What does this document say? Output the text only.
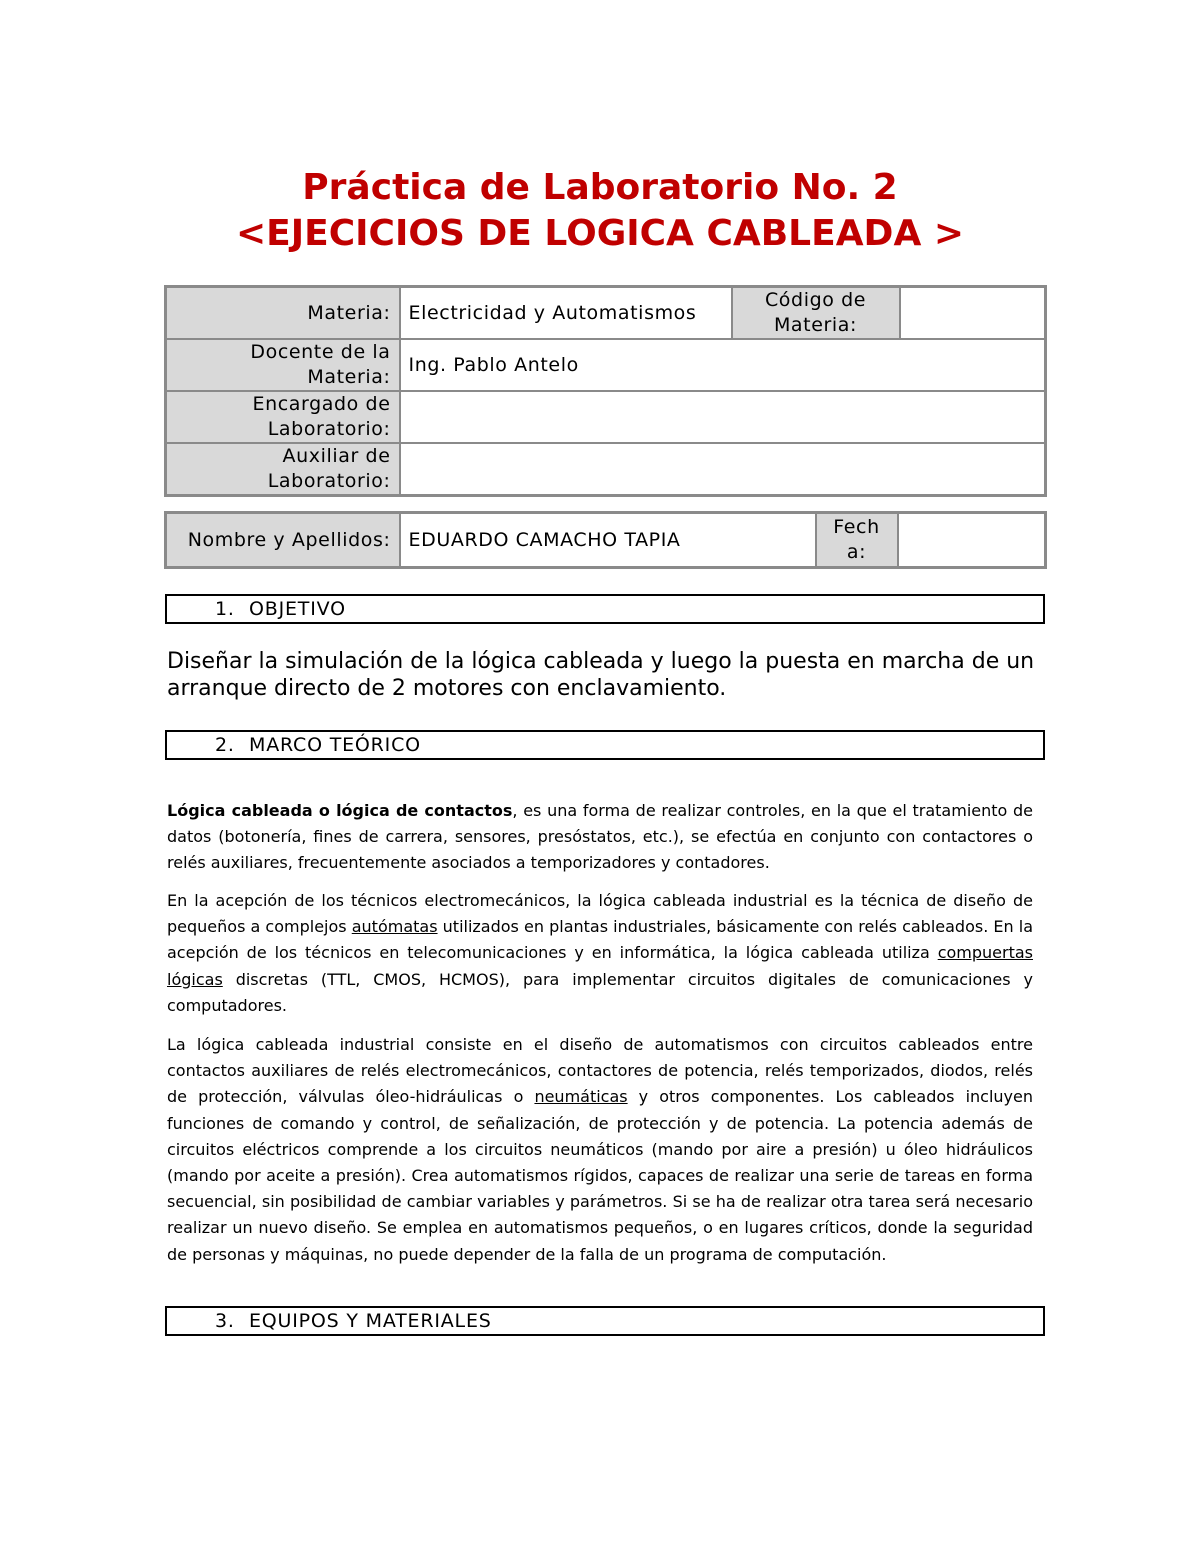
Práctica de Laboratorio No. 2
<EJECICIOS DE LOGICA CABLEADA >
Materia:	Electricidad y Automatismos	Código de Materia:	
Docente de la Materia:	Ing. Pablo Antelo		
Encargado de Laboratorio:			
Auxiliar de Laboratorio:			
Nombre y Apellidos:	EDUARDO CAMACHO TAPIA	Fech a:	
1. OBJETIVO
Diseñar la simulación de la lógica cableada y luego la puesta en marcha de un arranque directo de 2 motores con enclavamiento.
2. MARCO TEÓRICO
Lógica cableada o lógica de contactos, es una forma de realizar controles, en la que el tratamiento de datos (botonería, fines de carrera, sensores, presóstatos, etc.), se efectúa en conjunto con contactores o relés auxiliares, frecuentemente asociados a temporizadores y contadores.
En la acepción de los técnicos electromecánicos, la lógica cableada industrial es la técnica de diseño de pequeños a complejos autómatas utilizados en plantas industriales, básicamente con relés cableados. En la acepción de los técnicos en telecomunicaciones y en informática, la lógica cableada utiliza compuertas lógicas discretas (TTL, CMOS, HCMOS), para implementar circuitos digitales de comunicaciones y computadores.
La lógica cableada industrial consiste en el diseño de automatismos con circuitos cableados entre contactos auxiliares de relés electromecánicos, contactores de potencia, relés temporizados, diodos, relés de protección, válvulas óleo-hidráulicas o neumáticas y otros componentes. Los cableados incluyen funciones de comando y control, de señalización, de protección y de potencia. La potencia además de circuitos eléctricos comprende a los circuitos neumáticos (mando por aire a presión) u óleo hidráulicos (mando por aceite a presión). Crea automatismos rígidos, capaces de realizar una serie de tareas en forma secuencial, sin posibilidad de cambiar variables y parámetros. Si se ha de realizar otra tarea será necesario realizar un nuevo diseño. Se emplea en automatismos pequeños, o en lugares críticos, donde la seguridad de personas y máquinas, no puede depender de la falla de un programa de computación.
3. EQUIPOS Y MATERIALES
